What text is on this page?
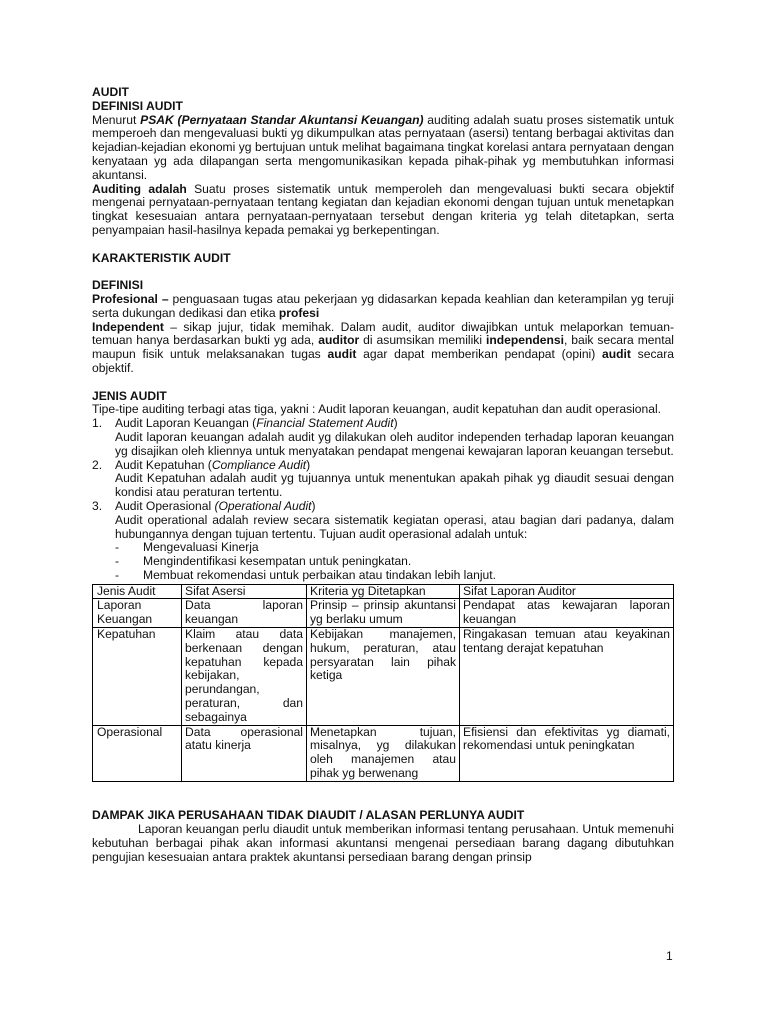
AUDIT

DEFINISI AUDIT

Menurut PSAK (Pernyataan Standar Akuntansi Keuangan) auditing adalah suatu proses sistematik untuk memperoeh dan mengevaluasi bukti yg dikumpulkan atas pernyataan (asersi) tentang berbagai aktivitas dan kejadian-kejadian ekonomi yg bertujuan untuk melihat bagaimana tingkat korelasi antara pernyataan dengan kenyataan yg ada dilapangan serta mengomunikasikan kepada pihak-pihak yg membutuhkan informasi akuntansi.

Auditing adalah Suatu proses sistematik untuk memperoleh dan mengevaluasi bukti secara objektif mengenai pernyataan-pernyataan tentang kegiatan dan kejadian ekonomi dengan tujuan untuk menetapkan tingkat kesesuaian antara pernyataan-pernyataan tersebut dengan kriteria yg telah ditetapkan, serta penyampaian hasil-hasilnya kepada pemakai yg berkepentingan.

KARAKTERISTIK AUDIT

DEFINISI

Profesional – penguasaan tugas atau pekerjaan yg didasarkan kepada keahlian dan keterampilan yg teruji serta dukungan dedikasi dan etika profesi

Independent – sikap jujur, tidak memihak. Dalam audit, auditor diwajibkan untuk melaporkan temuan-temuan hanya berdasarkan bukti yg ada, auditor di asumsikan memiliki independensi, baik secara mental maupun fisik untuk melaksanakan tugas audit agar dapat memberikan pendapat (opini) audit secara objektif.

JENIS AUDIT

Tipe-tipe auditing terbagi atas tiga, yakni : Audit laporan keuangan, audit kepatuhan dan audit operasional.

1.	Audit Laporan Keuangan (Financial Statement Audit)

Audit laporan keuangan adalah audit yg dilakukan oleh auditor independen terhadap laporan keuangan yg disajikan oleh kliennya untuk menyatakan pendapat mengenai kewajaran laporan keuangan tersebut.

2.	Audit Kepatuhan (Compliance Audit)

Audit Kepatuhan adalah audit yg tujuannya untuk menentukan apakah pihak yg diaudit sesuai dengan kondisi atau peraturan tertentu.

3.	Audit Operasional (Operational Audit)

Audit operational adalah review secara sistematik kegiatan operasi, atau bagian dari padanya, dalam hubungannya dengan tujuan tertentu. Tujuan audit operasional adalah untuk:

-	Mengevaluasi Kinerja
-	Mengindentifikasi kesempatan untuk peningkatan.
-	Membuat rekomendasi untuk perbaikan atau tindakan lebih lanjut.
Jenis Audit	Sifat Asersi	Kriteria yg Ditetapkan	Sifat Laporan Auditor
Laporan Keuangan	Data laporan keuangan	Prinsip – prinsip akuntansi yg berlaku umum	Pendapat atas kewajaran laporan keuangan

Kepatuhan	Klaim atau data berkenaan dengan kepatuhan kepada kebijakan, perundangan, peraturan, dan sebagainya	Kebijakan manajemen, hukum, peraturan, atau persyaratan lain pihak ketiga	Ringakasan temuan atau keyakinan tentang derajat kepatuhan

Operasional	Data operasional atatu kinerja	Menetapkan tujuan, misalnya, yg dilakukan oleh manajemen atau pihak yg berwenang	Efisiensi dan efektivitas yg diamati, rekomendasi untuk peningkatan

DAMPAK JIKA PERUSAHAAN TIDAK DIAUDIT / ALASAN PERLUNYA AUDIT

Laporan keuangan perlu diaudit untuk memberikan informasi tentang perusahaan. Untuk memenuhi kebutuhan berbagai pihak akan informasi akuntansi mengenai persediaan barang dagang dibutuhkan pengujian kesesuaian antara praktek akuntansi persediaan barang dengan prinsip

1
